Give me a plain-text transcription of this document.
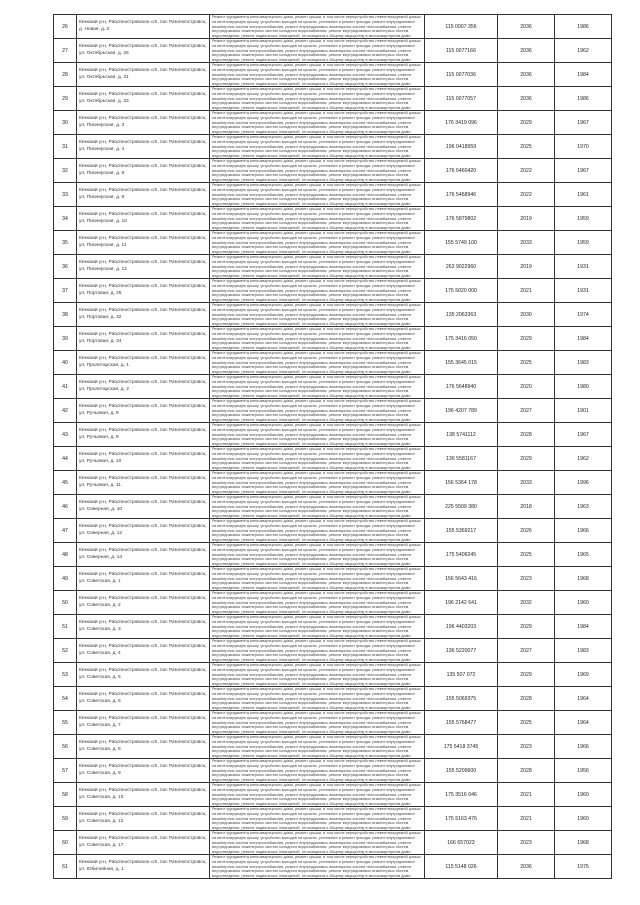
26	Кемский р-н, Рабочеостровское с/п, пос Рабочеостровск, д. Новая, д. 2	Ремонт фундамента многоквартирного дома, ремонт крыши, в том числе переустройство невентилируемой крыши на вентилируемую крышу, устройство выходов на кровлю, утепление и ремонт фасада, ремонт внутридомовых инженерных систем электроснабжения, ремонт внутридомовых инженерных систем теплоснабжения, ремонт внутридомовых инженерных систем холодного водоснабжения, ремонт внутридомовых инженерных систем водоотведения, ремонт подвальных помещений, относящихся к общему имуществу в многоквартирном доме,	115 0007.356	2036	1986

27	Кемский р-н, Рабочеостровское с/п, пос Рабочеостровск, ул. Октябрьская, д. 26	Ремонт фундамента многоквартирного дома, ремонт крыши, в том числе переустройство невентилируемой крыши на вентилируемую крышу, устройство выходов на кровлю, утепление и ремонт фасада, ремонт внутридомовых инженерных систем электроснабжения, ремонт внутридомовых инженерных систем теплоснабжения, ремонт внутридомовых инженерных систем холодного водоснабжения, ремонт внутридомовых инженерных систем водоотведения, ремонт подвальных помещений, относящихся к общему имуществу в многоквартирном доме,	115 0077166	2036	1962

28	Кемский р-н, Рабочеостровское с/п, пос Рабочеостровск, ул. Октябрьская, д. 31	Ремонт фундамента многоквартирного дома, ремонт крыши, в том числе переустройство невентилируемой крыши на вентилируемую крышу, устройство выходов на кровлю, утепление и ремонт фасада, ремонт внутридомовых инженерных систем электроснабжения, ремонт внутридомовых инженерных систем теплоснабжения, ремонт внутридомовых инженерных систем холодного водоснабжения, ремонт внутридомовых инженерных систем водоотведения, ремонт подвальных помещений, относящихся к общему имуществу в многоквартирном доме,	115 0077036	2036	1984

29	Кемский р-н, Рабочеостровское с/п, пос Рабочеостровск, ул. Октябрьская, д. 33	Ремонт фундамента многоквартирного дома, ремонт крыши, в том числе переустройство невентилируемой крыши на вентилируемую крышу, устройство выходов на кровлю, утепление и ремонт фасада, ремонт внутридомовых инженерных систем электроснабжения, ремонт внутридомовых инженерных систем теплоснабжения, ремонт внутридомовых инженерных систем холодного водоснабжения, ремонт внутридомовых инженерных систем водоотведения, ремонт подвальных помещений, относящихся к общему имуществу в многоквартирном доме,	115 0077057	2036	1986

30	Кемский р-н, Рабочеостровское с/п, пос Рабочеостровск, ул. Пионерская, д. 3	Ремонт фундамента многоквартирного дома, ремонт крыши, в том числе переустройство невентилируемой крыши на вентилируемую крышу, устройство выходов на кровлю, утепление и ремонт фасада, ремонт внутридомовых инженерных систем электроснабжения, ремонт внутридомовых инженерных систем теплоснабжения, ремонт внутридомовых инженерных систем холодного водоснабжения, ремонт внутридомовых инженерных систем водоотведения, ремонт подвальных помещений, относящихся к общему имуществу в многоквартирном доме,	176 3419 096	2029	1967

31	Кемский р-н, Рабочеостровское с/п, пос Рабочеостровск, ул. Пионерская, д. 4	Ремонт фундамента многоквартирного дома, ремонт крыши, в том числе переустройство невентилируемой крыши на вентилируемую крышу, устройство выходов на кровлю, утепление и ремонт фасада, ремонт внутридомовых инженерных систем электроснабжения, ремонт внутридомовых инженерных систем теплоснабжения, ремонт внутридомовых инженерных систем холодного водоснабжения, ремонт внутридомовых инженерных систем водоотведения, ремонт подвальных помещений, относящихся к общему имуществу в многоквартирном доме,	196 0418959	2025	1970

32	Кемский р-н, Рабочеостровское с/п, пос Рабочеостровск, ул. Пионерская, д. 8	Ремонт фундамента многоквартирного дома, ремонт крыши, в том числе переустройство невентилируемой крыши на вентилируемую крышу, устройство выходов на кровлю, утепление и ремонт фасада, ремонт внутридомовых инженерных систем электроснабжения, ремонт внутридомовых инженерных систем теплоснабжения, ремонт внутридомовых инженерных систем холодного водоснабжения, ремонт внутридомовых инженерных систем водоотведения, ремонт подвальных помещений, относящихся к общему имуществу в многоквартирном доме,	176 6460420	2022	1967

33	Кемский р-н, Рабочеостровское с/п, пос Рабочеостровск, ул. Пионерская, д. 9	Ремонт фундамента многоквартирного дома, ремонт крыши, в том числе переустройство невентилируемой крыши на вентилируемую крышу, устройство выходов на кровлю, утепление и ремонт фасада, ремонт внутридомовых инженерных систем электроснабжения, ремонт внутридомовых инженерных систем теплоснабжения, ремонт внутридомовых инженерных систем холодного водоснабжения, ремонт внутридомовых инженерных систем водоотведения, ремонт подвальных помещений, относящихся к общему имуществу в многоквартирном доме,	176 5468946	2022	1961

34	Кемский р-н, Рабочеостровское с/п, пос Рабочеостровск, ул. Пионерская, д. 10	Ремонт фундамента многоквартирного дома, ремонт крыши, в том числе переустройство невентилируемой крыши на вентилируемую крышу, устройство выходов на кровлю, утепление и ремонт фасада, ремонт внутридомовых инженерных систем электроснабжения, ремонт внутридомовых инженерных систем теплоснабжения, ремонт внутридомовых инженерных систем холодного водоснабжения, ремонт внутридомовых инженерных систем водоотведения, ремонт подвальных помещений, относящихся к общему имуществу в многоквартирном доме,	176 5879802	2019	1959

35	Кемский р-н, Рабочеостровское с/п, пос Рабочеостровск, ул. Пионерская, д. 11	Ремонт фундамента многоквартирного дома, ремонт крыши, в том числе переустройство невентилируемой крыши на вентилируемую крышу, устройство выходов на кровлю, утепление и ремонт фасада, ремонт внутридомовых инженерных систем электроснабжения, ремонт внутридомовых инженерных систем теплоснабжения, ремонт внутридомовых инженерных систем холодного водоснабжения, ремонт внутридомовых инженерных систем водоотведения, ремонт подвальных помещений, относящихся к общему имуществу в многоквартирном доме,	155 5749 100	2033	1959

36	Кемский р-н, Рабочеостровское с/п, пос Рабочеостровск, ул. Пионерская, д. 12	Ремонт фундамента многоквартирного дома, ремонт крыши, в том числе переустройство невентилируемой крыши на вентилируемую крышу, устройство выходов на кровлю, утепление и ремонт фасада, ремонт внутридомовых инженерных систем электроснабжения, ремонт внутридомовых инженерных систем теплоснабжения, ремонт внутридомовых инженерных систем холодного водоснабжения, ремонт внутридомовых инженерных систем водоотведения, ремонт подвальных помещений, относящихся к общему имуществу в многоквартирном доме,	263 9022960	2019	1931

37	Кемский р-н, Рабочеостровское с/п, пос Рабочеостровск, ул. Портовая, д. 25	Ремонт фундамента многоквартирного дома, ремонт крыши, в том числе переустройство невентилируемой крыши на вентилируемую крышу, устройство выходов на кровлю, утепление и ремонт фасада, ремонт внутридомовых инженерных систем электроснабжения, ремонт внутридомовых инженерных систем теплоснабжения, ремонт внутридомовых инженерных систем холодного водоснабжения, ремонт внутридомовых инженерных систем водоотведения, ремонт подвальных помещений, относящихся к общему имуществу в многоквартирном доме,	175 5020 000	2021	1931

38	Кемский р-н, Рабочеостровское с/п, пос Рабочеостровск, ул. Портовая, д. 32	Ремонт фундамента многоквартирного дома, ремонт крыши, в том числе переустройство невентилируемой крыши на вентилируемую крышу, устройство выходов на кровлю, утепление и ремонт фасада, ремонт внутридомовых инженерных систем электроснабжения, ремонт внутридомовых инженерных систем теплоснабжения, ремонт внутридомовых инженерных систем холодного водоснабжения, ремонт внутридомовых инженерных систем водоотведения, ремонт подвальных помещений, относящихся к общему имуществу в многоквартирном доме,	135 2063363	2030	1974

39	Кемский р-н, Рабочеостровское с/п, пос Рабочеостровск, ул. Портовая, д. 34	Ремонт фундамента многоквартирного дома, ремонт крыши, в том числе переустройство невентилируемой крыши на вентилируемую крышу, устройство выходов на кровлю, утепление и ремонт фасада, ремонт внутридомовых инженерных систем электроснабжения, ремонт внутридомовых инженерных систем теплоснабжения, ремонт внутридомовых инженерных систем холодного водоснабжения, ремонт внутридомовых инженерных систем водоотведения, ремонт подвальных помещений, относящихся к общему имуществу в многоквартирном доме,	175 3416 050	2029	1984

40	Кемский р-н, Рабочеостровское с/п, пос Рабочеостровск, ул. Пролетарская, д. 1	Ремонт фундамента многоквартирного дома, ремонт крыши, в том числе переустройство невентилируемой крыши на вентилируемую крышу, устройство выходов на кровлю, утепление и ремонт фасада, ремонт внутридомовых инженерных систем электроснабжения, ремонт внутридомовых инженерных систем теплоснабжения, ремонт внутридомовых инженерных систем холодного водоснабжения, ремонт внутридомовых инженерных систем водоотведения, ремонт подвальных помещений, относящихся к общему имуществу в многоквартирном доме,	155 3645 015	2025	1983

41	Кемский р-н, Рабочеостровское с/п, пос Рабочеостровск, ул. Пролетарская, д. 2	Ремонт фундамента многоквартирного дома, ремонт крыши, в том числе переустройство невентилируемой крыши на вентилируемую крышу, устройство выходов на кровлю, утепление и ремонт фасада, ремонт внутридомовых инженерных систем электроснабжения, ремонт внутридомовых инженерных систем теплоснабжения, ремонт внутридомовых инженерных систем холодного водоснабжения, ремонт внутридомовых инженерных систем водоотведения, ремонт подвальных помещений, относящихся к общему имуществу в многоквартирном доме,	176 5648940	2020	1980

42	Кемский р-н, Рабочеостровское с/п, пос Рабочеостровск, ул. Ручьевая, д. 9	Ремонт фундамента многоквартирного дома, ремонт крыши, в том числе переустройство невентилируемой крыши на вентилируемую крышу, устройство выходов на кровлю, утепление и ремонт фасада, ремонт внутридомовых инженерных систем электроснабжения, ремонт внутридомовых инженерных систем теплоснабжения, ремонт внутридомовых инженерных систем холодного водоснабжения, ремонт внутридомовых инженерных систем водоотведения, ремонт подвальных помещений, относящихся к общему имуществу в многоквартирном доме,	196 4207 789	2027	1901

43	Кемский р-н, Рабочеостровское с/п, пос Рабочеостровск, ул. Ручьевая, д. 9	Ремонт фундамента многоквартирного дома, ремонт крыши, в том числе переустройство невентилируемой крыши на вентилируемую крышу, устройство выходов на кровлю, утепление и ремонт фасада, ремонт внутридомовых инженерных систем электроснабжения, ремонт внутридомовых инженерных систем теплоснабжения, ремонт внутридомовых инженерных систем холодного водоснабжения, ремонт внутридомовых инженерных систем водоотведения, ремонт подвальных помещений, относящихся к общему имуществу в многоквартирном доме,	138 5741112	2028	1967

44	Кемский р-н, Рабочеостровское с/п, пос Рабочеостровск, ул. Ручьевая, д. 10	Ремонт фундамента многоквартирного дома, ремонт крыши, в том числе переустройство невентилируемой крыши на вентилируемую крышу, устройство выходов на кровлю, утепление и ремонт фасада, ремонт внутридомовых инженерных систем электроснабжения, ремонт внутридомовых инженерных систем теплоснабжения, ремонт внутридомовых инженерных систем холодного водоснабжения, ремонт внутридомовых инженерных систем водоотведения, ремонт подвальных помещений, относящихся к общему имуществу в многоквартирном доме,	136 5581167	2029	1962

45	Кемский р-н, Рабочеостровское с/п, пос Рабочеостровск, ул. Ручьевая, д. 11	Ремонт фундамента многоквартирного дома, ремонт крыши, в том числе переустройство невентилируемой крыши на вентилируемую крышу, устройство выходов на кровлю, утепление и ремонт фасада, ремонт внутридомовых инженерных систем электроснабжения, ремонт внутридомовых инженерных систем теплоснабжения, ремонт внутридомовых инженерных систем холодного водоснабжения, ремонт внутридомовых инженерных систем водоотведения, ремонт подвальных помещений, относящихся к общему имуществу в многоквартирном доме,	156 5364 178	2033	1996

46	Кемский р-н, Рабочеостровское с/п, пос Рабочеостровск, ул. Северная, д. 10	Ремонт фундамента многоквартирного дома, ремонт крыши, в том числе переустройство невентилируемой крыши на вентилируемую крышу, устройство выходов на кровлю, утепление и ремонт фасада, ремонт внутридомовых инженерных систем электроснабжения, ремонт внутридомовых инженерных систем теплоснабжения, ремонт внутридомовых инженерных систем холодного водоснабжения, ремонт внутридомовых инженерных систем водоотведения, ремонт подвальных помещений, относящихся к общему имуществу в многоквартирном доме,	225 5509 380	2018	1963

47	Кемский р-н, Рабочеостровское с/п, пос Рабочеостровск, ул. Северная, д. 12	Ремонт фундамента многоквартирного дома, ремонт крыши, в том числе переустройство невентилируемой крыши на вентилируемую крышу, устройство выходов на кровлю, утепление и ремонт фасада, ремонт внутридомовых инженерных систем электроснабжения, ремонт внутридомовых инженерных систем теплоснабжения, ремонт внутридомовых инженерных систем холодного водоснабжения, ремонт внутридомовых инженерных систем водоотведения, ремонт подвальных помещений, относящихся к общему имуществу в многоквартирном доме,	155 5369217	2026	1966

48	Кемский р-н, Рабочеостровское с/п, пос Рабочеостровск, ул. Северная, д. 14	Ремонт фундамента многоквартирного дома, ремонт крыши, в том числе переустройство невентилируемой крыши на вентилируемую крышу, устройство выходов на кровлю, утепление и ремонт фасада, ремонт внутридомовых инженерных систем электроснабжения, ремонт внутридомовых инженерных систем теплоснабжения, ремонт внутридомовых инженерных систем холодного водоснабжения, ремонт внутридомовых инженерных систем водоотведения, ремонт подвальных помещений, относящихся к общему имуществу в многоквартирном доме,	175 5406245	2025	1965

49	Кемский р-н, Рабочеостровское с/п, пос Рабочеостровск, ул. Советская, д. 1	Ремонт фундамента многоквартирного дома, ремонт крыши, в том числе переустройство невентилируемой крыши на вентилируемую крышу, устройство выходов на кровлю, утепление и ремонт фасада, ремонт внутридомовых инженерных систем электроснабжения, ремонт внутридомовых инженерных систем теплоснабжения, ремонт внутридомовых инженерных систем холодного водоснабжения, ремонт внутридомовых инженерных систем водоотведения, ремонт подвальных помещений, относящихся к общему имуществу в многоквартирном доме,	156 5643 416	2023	1968

50	Кемский р-н, Рабочеостровское с/п, пос Рабочеостровск, ул. Советская, д. 2	Ремонт фундамента многоквартирного дома, ремонт крыши, в том числе переустройство невентилируемой крыши на вентилируемую крышу, устройство выходов на кровлю, утепление и ремонт фасада, ремонт внутридомовых инженерных систем электроснабжения, ремонт внутридомовых инженерных систем теплоснабжения, ремонт внутридомовых инженерных систем холодного водоснабжения, ремонт внутридомовых инженерных систем водоотведения, ремонт подвальных помещений, относящихся к общему имуществу в многоквартирном доме,	196 2142 641	2032	1960

51	Кемский р-н, Рабочеостровское с/п, пос Рабочеостровск, ул. Советская, д. 3	Ремонт фундамента многоквартирного дома, ремонт крыши, в том числе переустройство невентилируемой крыши на вентилируемую крышу, устройство выходов на кровлю, утепление и ремонт фасада, ремонт внутридомовых инженерных систем электроснабжения, ремонт внутридомовых инженерных систем теплоснабжения, ремонт внутридомовых инженерных систем холодного водоснабжения, ремонт внутридомовых инженерных систем водоотведения, ремонт подвальных помещений, относящихся к общему имуществу в многоквартирном доме,	196 4403203	2029	1984

52	Кемский р-н, Рабочеостровское с/п, пос Рабочеостровск, ул. Советская, д. 4	Ремонт фундамента многоквартирного дома, ремонт крыши, в том числе переустройство невентилируемой крыши на вентилируемую крышу, устройство выходов на кровлю, утепление и ремонт фасада, ремонт внутридомовых инженерных систем электроснабжения, ремонт внутридомовых инженерных систем теплоснабжения, ремонт внутридомовых инженерных систем холодного водоснабжения, ремонт внутридомовых инженерных систем водоотведения, ремонт подвальных помещений, относящихся к общему имуществу в многоквартирном доме,	136 5220077	2027	1983

53	Кемский р-н, Рабочеостровское с/п, пос Рабочеостровск, ул. Советская, д. 5	Ремонт фундамента многоквартирного дома, ремонт крыши, в том числе переустройство невентилируемой крыши на вентилируемую крышу, устройство выходов на кровлю, утепление и ремонт фасада, ремонт внутридомовых инженерных систем электроснабжения, ремонт внутридомовых инженерных систем теплоснабжения, ремонт внутридомовых инженерных систем холодного водоснабжения, ремонт внутридомовых инженерных систем водоотведения, ремонт подвальных помещений, относящихся к общему имуществу в многоквартирном доме,	135 507 072	2029	1969

54	Кемский р-н, Рабочеостровское с/п, пос Рабочеостровск, ул. Советская, д. 6	Ремонт фундамента многоквартирного дома, ремонт крыши, в том числе переустройство невентилируемой крыши на вентилируемую крышу, устройство выходов на кровлю, утепление и ремонт фасада, ремонт внутридомовых инженерных систем электроснабжения, ремонт внутридомовых инженерных систем теплоснабжения, ремонт внутридомовых инженерных систем холодного водоснабжения, ремонт внутридомовых инженерных систем водоотведения, ремонт подвальных помещений, относящихся к общему имуществу в многоквартирном доме,	155 5069375	2028	1964

55	Кемский р-н, Рабочеостровское с/п, пос Рабочеостровск, ул. Советская, д. 7	Ремонт фундамента многоквартирного дома, ремонт крыши, в том числе переустройство невентилируемой крыши на вентилируемую крышу, устройство выходов на кровлю, утепление и ремонт фасада, ремонт внутридомовых инженерных систем электроснабжения, ремонт внутридомовых инженерных систем теплоснабжения, ремонт внутридомовых инженерных систем холодного водоснабжения, ремонт внутридомовых инженерных систем водоотведения, ремонт подвальных помещений, относящихся к общему имуществу в многоквартирном доме,	155 5768477	2025	1964

56	Кемский р-н, Рабочеостровское с/п, пос Рабочеостровск, ул. Советская, д. 8	Ремонт фундамента многоквартирного дома, ремонт крыши, в том числе переустройство невентилируемой крыши на вентилируемую крышу, устройство выходов на кровлю, утепление и ремонт фасада, ремонт внутридомовых инженерных систем электроснабжения, ремонт внутридомовых инженерных систем теплоснабжения, ремонт внутридомовых инженерных систем холодного водоснабжения, ремонт внутридомовых инженерных систем водоотведения, ремонт подвальных помещений, относящихся к общему имуществу в многоквартирном доме,	175 5418 3745	2023	1966

57	Кемский р-н, Рабочеостровское с/п, пос Рабочеостровск, ул. Советская, д. 9	Ремонт фундамента многоквартирного дома, ремонт крыши, в том числе переустройство невентилируемой крыши на вентилируемую крышу, устройство выходов на кровлю, утепление и ремонт фасада, ремонт внутридомовых инженерных систем электроснабжения, ремонт внутридомовых инженерных систем теплоснабжения, ремонт внутридомовых инженерных систем холодного водоснабжения, ремонт внутридомовых инженерных систем водоотведения, ремонт подвальных помещений, относящихся к общему имуществу в многоквартирном доме,	155 5209600	2028	1956

58	Кемский р-н, Рабочеостровское с/п, пос Рабочеостровск, ул. Советская, д. 10	Ремонт фундамента многоквартирного дома, ремонт крыши, в том числе переустройство невентилируемой крыши на вентилируемую крышу, устройство выходов на кровлю, утепление и ремонт фасада, ремонт внутридомовых инженерных систем электроснабжения, ремонт внутридомовых инженерных систем теплоснабжения, ремонт внутридомовых инженерных систем холодного водоснабжения, ремонт внутридомовых инженерных систем водоотведения, ремонт подвальных помещений, относящихся к общему имуществу в многоквартирном доме,	175 3516 046	2021	1960

59	Кемский р-н, Рабочеостровское с/п, пос Рабочеостровск, ул. Советская, д. 12	Ремонт фундамента многоквартирного дома, ремонт крыши, в том числе переустройство невентилируемой крыши на вентилируемую крышу, устройство выходов на кровлю, утепление и ремонт фасада, ремонт внутридомовых инженерных систем электроснабжения, ремонт внутридомовых инженерных систем теплоснабжения, ремонт внутридомовых инженерных систем холодного водоснабжения, ремонт внутридомовых инженерных систем водоотведения, ремонт подвальных помещений, относящихся к общему имуществу в многоквартирном доме,	175 5163 476	2021	1960

60	Кемский р-н, Рабочеостровское с/п, пос Рабочеостровск, ул. Советская, д. 17	Ремонт фундамента многоквартирного дома, ремонт крыши, в том числе переустройство невентилируемой крыши на вентилируемую крышу, устройство выходов на кровлю, утепление и ремонт фасада, ремонт внутридомовых инженерных систем электроснабжения, ремонт внутридомовых инженерных систем теплоснабжения, ремонт внутридомовых инженерных систем холодного водоснабжения, ремонт внутридомовых инженерных систем водоотведения, ремонт подвальных помещений, относящихся к общему имуществу в многоквартирном доме,	166 657023	2023	1968

61	Кемский р-н, Рабочеостровское с/п, пос Рабочеостровск, ул. Юбилейная, д. 1	Ремонт фундамента многоквартирного дома, ремонт крыши, в том числе переустройство невентилируемой крыши на вентилируемую крышу, устройство выходов на кровлю, утепление и ремонт фасада, ремонт внутридомовых инженерных систем электроснабжения, ремонт внутридомовых инженерных систем теплоснабжения, ремонт внутридомовых инженерных систем холодного водоснабжения, ремонт внутридомовых инженерных систем водоотведения, ремонт подвальных помещений, относящихся к общему имуществу в многоквартирном доме,	115 5148 026	2036	1975
